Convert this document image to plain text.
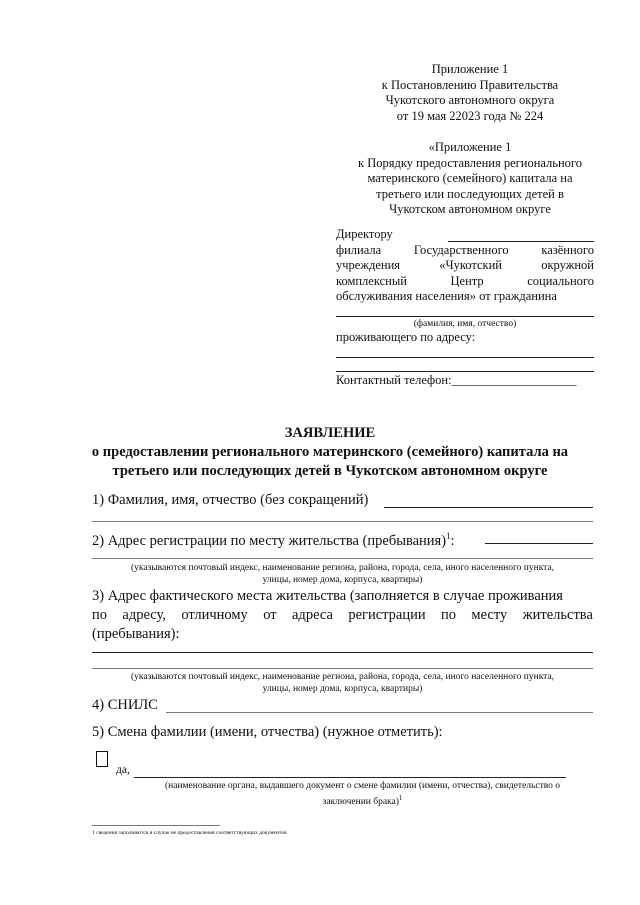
Приложение 1
к Постановлению Правительства
Чукотского автономного округа
от 19 мая 22023 года № 224
«Приложение 1
к Порядку предоставления регионального
материнского (семейного) капитала на
третьего или последующих детей в
Чукотском автономном округе
Директору
филиала	Государственного	казённого
учреждения	«Чукотский	окружной
комплексный	Центр	социального
обслуживания населения» от гражданина
(фамилия, имя, отчество)
проживающего по адресу:
Контактный телефон:____________________
ЗАЯВЛЕНИЕ
о предоставлении регионального материнского (семейного) капитала на
третьего или последующих детей в Чукотском автономном округе
1) Фамилия, имя, отчество (без сокращений)
2) Адрес регистрации по месту жительства (пребывания)$^1$:
(указываются почтовый индекс, наименование региона, района, города, села, иного населенного пункта,
улицы, номер дома, корпуса, квартиры)
3) Адрес фактического места жительства (заполняется в случае проживания
по адресу, отличному от адреса регистрации по месту жительства
(пребывания):
(указываются почтовый индекс, наименование региона, района, города, села, иного населенного пункта,
улицы, номер дома, корпуса, квартиры)
4) СНИЛС
5) Смена фамилии (имени, отчества) (нужное отметить):
да,
(наименование органа, выдавшего документ о смене фамилии (имени, отчества), свидетельство о
заключении брака)$^1$
1 сведения заполняются в случае не предоставления соответствующих документов
